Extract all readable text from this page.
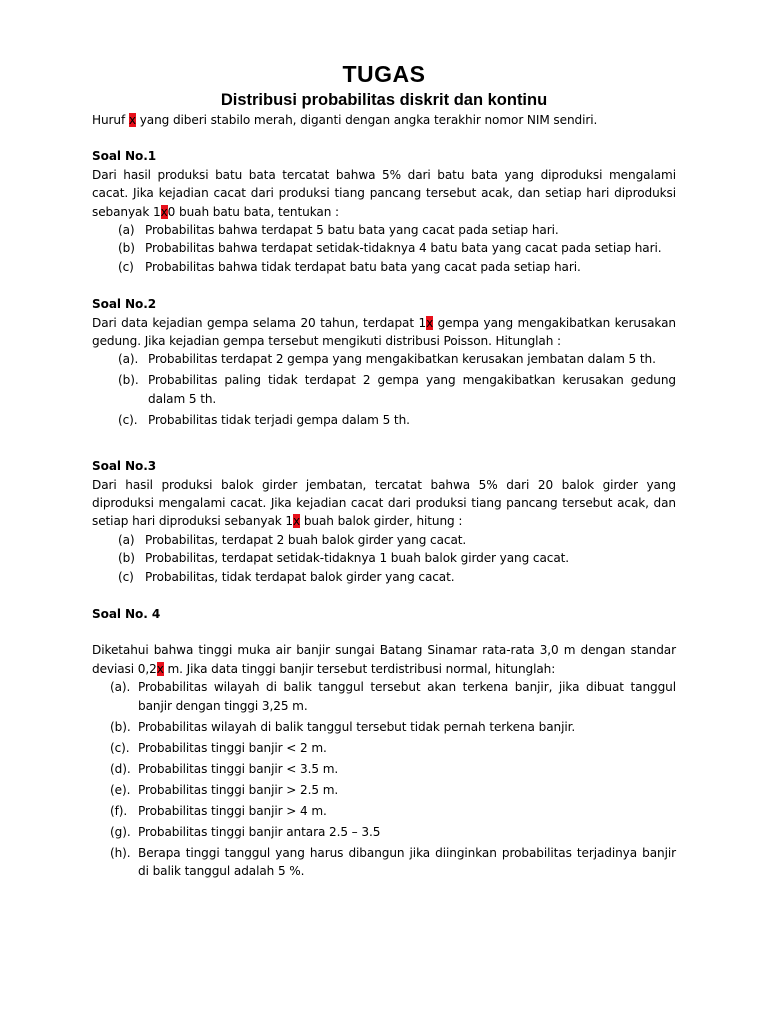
TUGAS
Distribusi probabilitas diskrit dan kontinu

Huruf x yang diberi stabilo merah, diganti dengan angka terakhir nomor NIM sendiri.

Soal No.1

Dari hasil produksi batu bata tercatat bahwa 5% dari batu bata yang diproduksi mengalami cacat. Jika kejadian cacat dari produksi tiang pancang tersebut acak, dan setiap hari diproduksi sebanyak 1x0 buah batu bata, tentukan :

(a) Probabilitas bahwa terdapat 5 batu bata yang cacat pada setiap hari.
(b) Probabilitas bahwa terdapat setidak-tidaknya 4 batu bata yang cacat pada setiap hari.
(c) Probabilitas bahwa tidak terdapat batu bata yang cacat pada setiap hari.
Soal No.2

Dari data kejadian gempa selama 20 tahun, terdapat 1x gempa yang mengakibatkan kerusakan gedung. Jika kejadian gempa tersebut mengikuti distribusi Poisson. Hitunglah :

(a). Probabilitas terdapat 2 gempa yang mengakibatkan kerusakan jembatan dalam 5 th.
(b). Probabilitas paling tidak terdapat 2 gempa yang mengakibatkan kerusakan gedung dalam 5 th.
(c). Probabilitas tidak terjadi gempa dalam 5 th.
Soal No.3

Dari hasil produksi balok girder jembatan, tercatat bahwa 5% dari 20 balok girder yang diproduksi mengalami cacat. Jika kejadian cacat dari produksi tiang pancang tersebut acak, dan setiap hari diproduksi sebanyak 1x buah balok girder, hitung :

(a) Probabilitas, terdapat 2 buah balok girder yang cacat.
(b) Probabilitas, terdapat setidak-tidaknya 1 buah balok girder yang cacat.
(c) Probabilitas, tidak terdapat balok girder yang cacat.
Soal No. 4

Diketahui bahwa tinggi muka air banjir sungai Batang Sinamar rata-rata 3,0 m dengan standar deviasi 0,2x m. Jika data tinggi banjir tersebut terdistribusi normal, hitunglah:

(a). Probabilitas wilayah di balik tanggul tersebut akan terkena banjir, jika dibuat tanggul banjir dengan tinggi 3,25 m.
(b). Probabilitas wilayah di balik tanggul tersebut tidak pernah terkena banjir.
(c). Probabilitas tinggi banjir < 2 m.
(d). Probabilitas tinggi banjir < 3.5 m.
(e). Probabilitas tinggi banjir > 2.5 m.
(f). Probabilitas tinggi banjir > 4 m.
(g). Probabilitas tinggi banjir antara 2.5 – 3.5
(h). Berapa tinggi tanggul yang harus dibangun jika diinginkan probabilitas terjadinya banjir di balik tanggul adalah 5 %.
